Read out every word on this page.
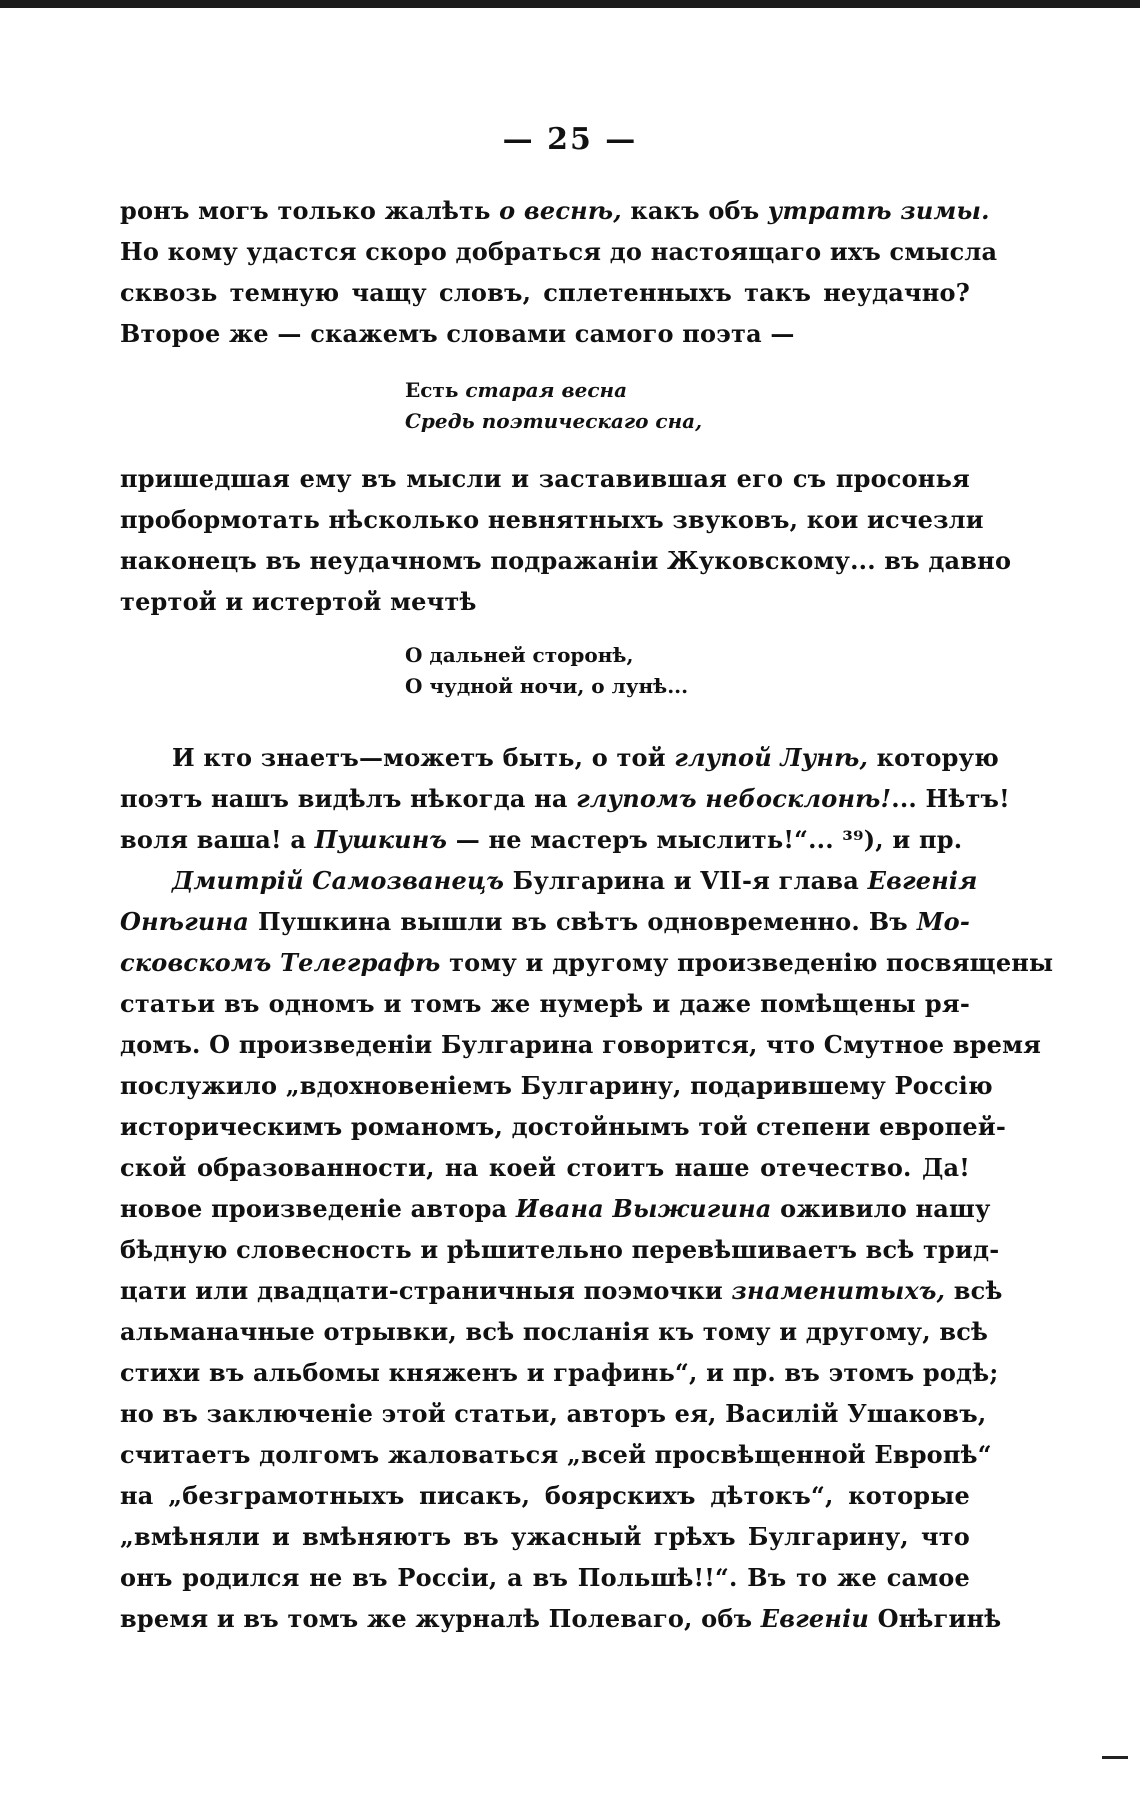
— 25 —
ронъ могъ только жалѣть о веснѣ, какъ объ утратѣ зимы.
Но кому удастся скоро добраться до настоящаго ихъ смысла
сквозь темную чащу словъ, сплетенныхъ такъ неудачно?
Второе же — скажемъ словами самого поэта —
Есть старая весна
Средь поэтическаго сна,
пришедшая ему въ мысли и заставившая его съ просонья
пробормотать нѣсколько невнятныхъ звуковъ, кои исчезли
наконецъ въ неудачномъ подражаніи Жуковскому... въ давно
тертой и истертой мечтѣ
О дальней сторонѣ,
О чудной ночи, о лунѣ...
И кто знаетъ—можетъ быть, о той глупой Лунѣ, которую
поэтъ нашъ видѣлъ нѣкогда на глупомъ небосклонѣ!... Нѣтъ!
воля ваша! а Пушкинъ — не мастеръ мыслить!“... ³⁹), и пр.
Дмитрій Самозванецъ Булгарина и VII-я глава Евгенія
Онѣгина Пушкина вышли въ свѣтъ одновременно. Въ Мо-
сковскомъ Телеграфѣ тому и другому произведенію посвящены
статьи въ одномъ и томъ же нумерѣ и даже помѣщены ря-
домъ. О произведеніи Булгарина говорится, что Смутное время
послужило „вдохновеніемъ Булгарину, подарившему Россію
историческимъ романомъ, достойнымъ той степени европей-
ской образованности, на коей стоитъ наше отечество. Да!
новое произведеніе автора Ивана Выжигина оживило нашу
бѣдную словесность и рѣшительно перевѣшиваетъ всѣ трид-
цати или двадцати-страничныя поэмочки знаменитыхъ, всѣ
альманачные отрывки, всѣ посланія къ тому и другому, всѣ
стихи въ альбомы княженъ и графинь“, и пр. въ этомъ родѣ;
но въ заключеніе этой статьи, авторъ ея, Василій Ушаковъ,
считаетъ долгомъ жаловаться „всей просвѣщенной Европѣ“
на „безграмотныхъ писакъ, боярскихъ дѣтокъ“, которые
„вмѣняли и вмѣняютъ въ ужасный грѣхъ Булгарину, что
онъ родился не въ Россіи, а въ Польшѣ!!“. Въ то же самое
время и въ томъ же журналѣ Полеваго, объ Евгеніи Онѣгинѣ
